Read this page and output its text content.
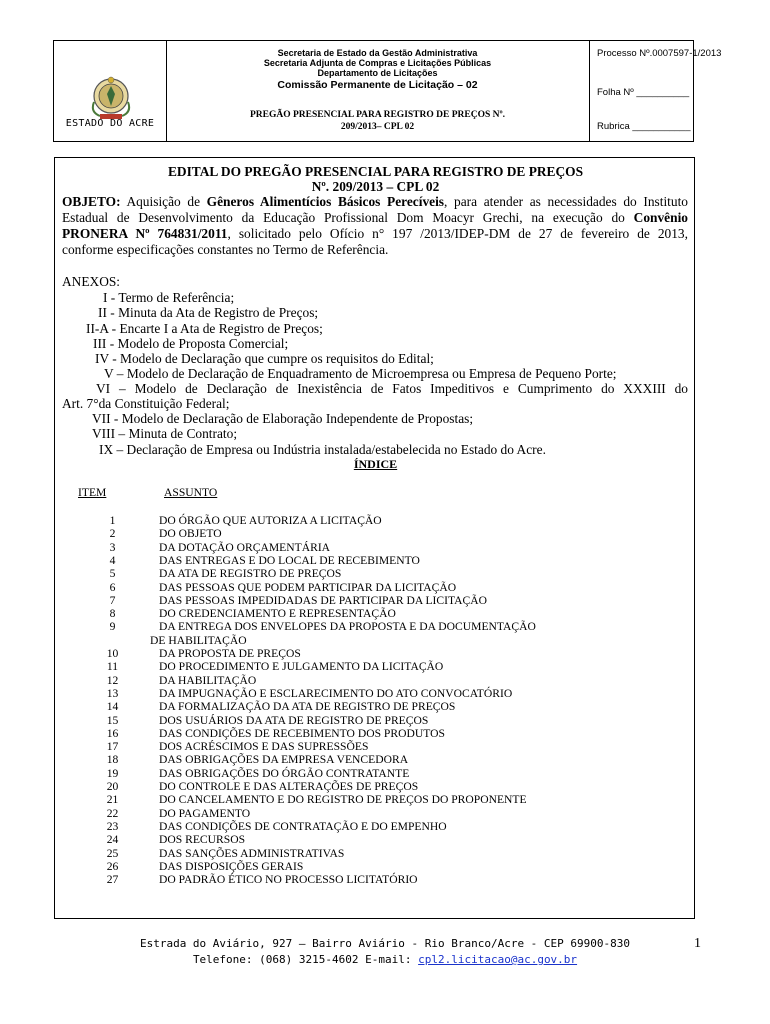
ESTADO DO ACRE
Secretaria de Estado da Gestão Administrativa
Secretaria Adjunta de Compras e Licitações Públicas
Departamento de Licitações
Comissão Permanente de Licitação – 02
PREGÃO PRESENCIAL PARA REGISTRO DE PREÇOS Nº.
209/2013– CPL 02
Processo Nº.0007597-1/2013
Folha Nº __________
Rubrica ___________
EDITAL DO PREGÃO PRESENCIAL PARA REGISTRO DE PREÇOS
Nº. 209/2013 – CPL 02
OBJETO: Aquisição de Gêneros Alimentícios Básicos Perecíveis, para atender as necessidades do Instituto
Estadual de Desenvolvimento da Educação Profissional Dom Moacyr Grechi, na execução do Convênio
PRONERA Nº 764831/2011, solicitado pelo Ofício n° 197 /2013/IDEP-DM de 27 de fevereiro de 2013,
conforme especificações constantes no Termo de Referência.
ANEXOS:
I - Termo de Referência;
II - Minuta da Ata de Registro de Preços;
II-A - Encarte I a Ata de Registro de Preços;
III - Modelo de Proposta Comercial;
IV - Modelo de Declaração que cumpre os requisitos do Edital;
V – Modelo de Declaração de Enquadramento de Microempresa ou Empresa de Pequeno Porte;
VI – Modelo de Declaração de Inexistência de Fatos Impeditivos e Cumprimento do XXXIII do
Art. 7°da Constituição Federal;
VII - Modelo de Declaração de Elaboração Independente de Propostas;
VIII – Minuta de Contrato;
IX – Declaração de Empresa ou Indústria instalada/estabelecida no Estado do Acre.
ÍNDICE
ITEM	ASSUNTO
1	DO ÓRGÃO QUE AUTORIZA A LICITAÇÃO
2	DO OBJETO
3	DA DOTAÇÃO ORÇAMENTÁRIA
4	DAS ENTREGAS E DO LOCAL DE RECEBIMENTO
5	DA ATA DE REGISTRO DE PREÇOS
6	DAS PESSOAS QUE PODEM PARTICIPAR DA LICITAÇÃO
7	DAS PESSOAS IMPEDIDADAS DE PARTICIPAR DA LICITAÇÃO
8	DO CREDENCIAMENTO E REPRESENTAÇÃO
9	DA ENTREGA DOS ENVELOPES DA PROPOSTA E DA DOCUMENTAÇÃO
DE HABILITAÇÃO
10	DA PROPOSTA DE PREÇOS
11	DO PROCEDIMENTO E JULGAMENTO DA LICITAÇÃO
12	DA HABILITAÇÃO
13	DA IMPUGNAÇÃO E ESCLARECIMENTO DO ATO CONVOCATÓRIO
14	DA FORMALIZAÇÃO DA ATA DE REGISTRO DE PREÇOS
15	DOS USUÁRIOS DA ATA DE REGISTRO DE PREÇOS
16	DAS CONDIÇÕES DE RECEBIMENTO DOS PRODUTOS
17	DOS ACRÉSCIMOS E DAS SUPRESSÕES
18	DAS OBRIGAÇÕES DA EMPRESA VENCEDORA
19	DAS OBRIGAÇÕES DO ÓRGÃO CONTRATANTE
20	DO CONTROLE E DAS ALTERAÇÕES DE PREÇOS
21	DO CANCELAMENTO E DO REGISTRO DE PREÇOS DO PROPONENTE
22	DO PAGAMENTO
23	DAS CONDIÇÕES DE CONTRATAÇÃO E DO EMPENHO
24	DOS RECURSOS
25	DAS SANÇÕES ADMINISTRATIVAS
26	DAS DISPOSIÇÕES GERAIS
27	DO PADRÃO ÉTICO NO PROCESSO LICITATÓRIO
Estrada do Aviário, 927 – Bairro Aviário - Rio Branco/Acre - CEP 69900-830
Telefone: (068) 3215-4602 E-mail: cpl2.licitacao@ac.gov.br
1
